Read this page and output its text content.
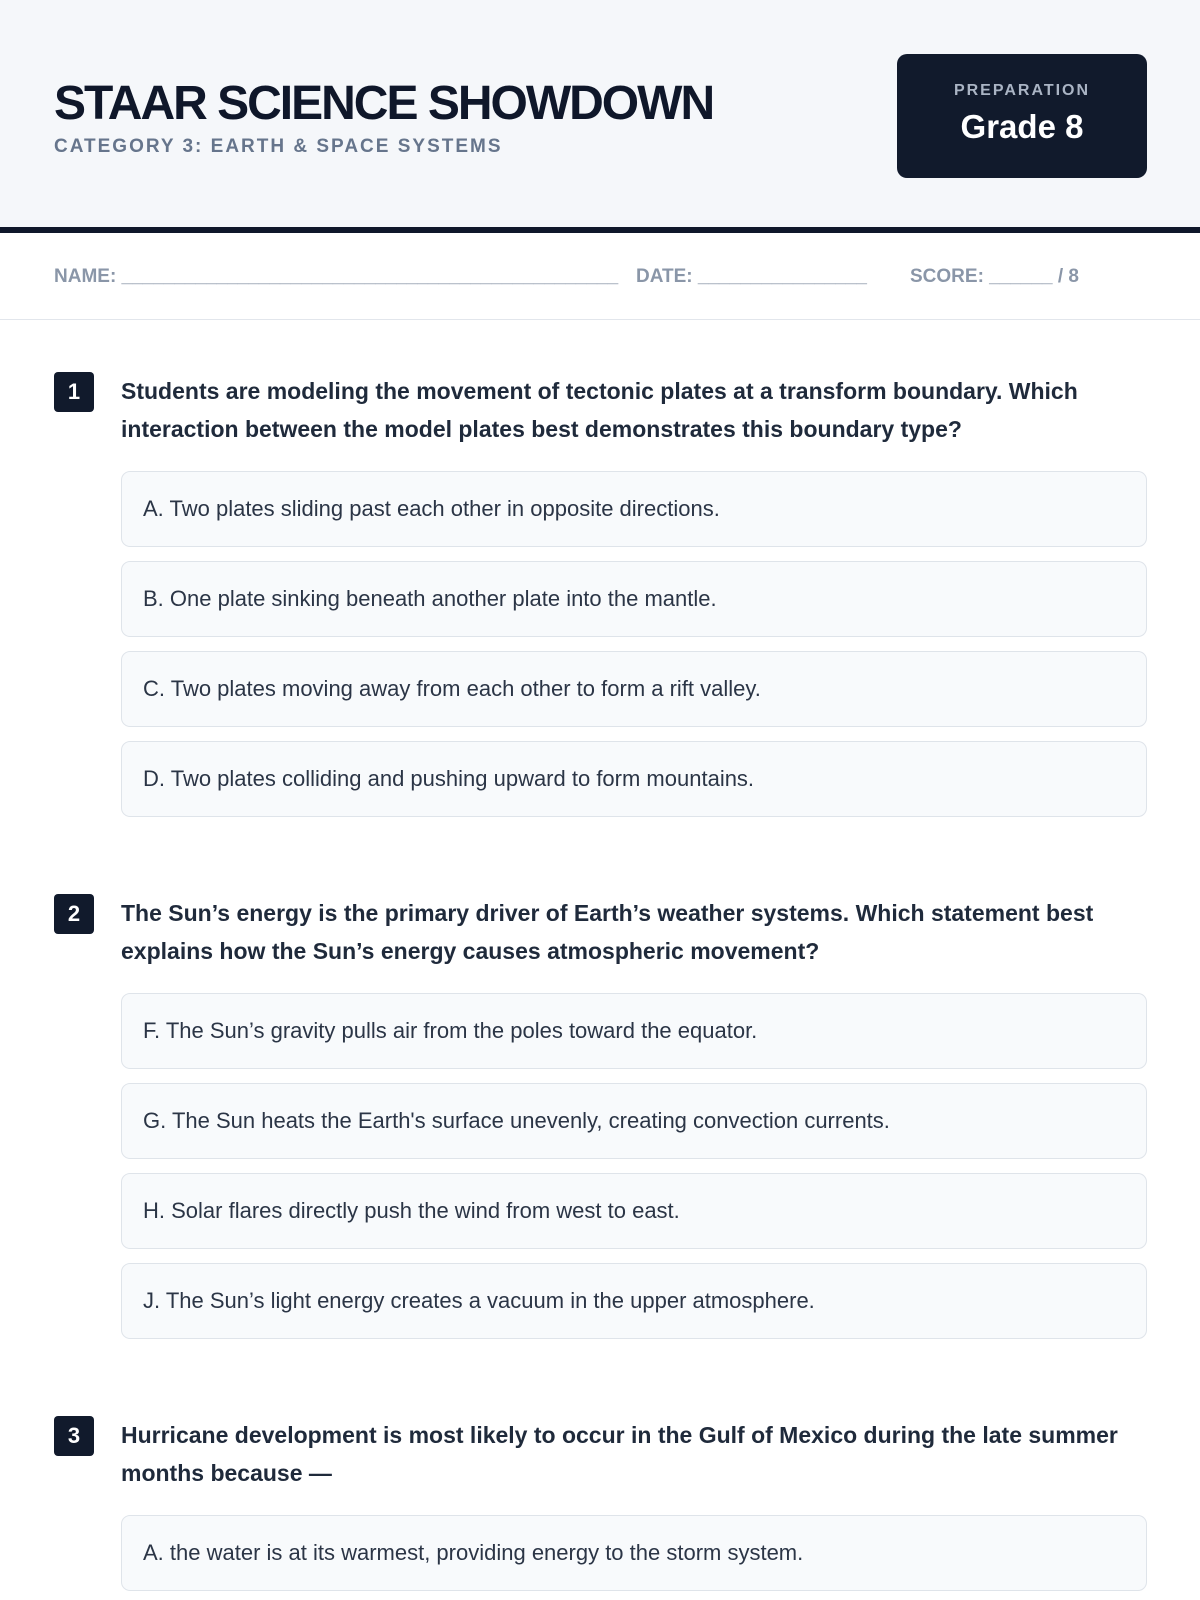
STAAR SCIENCE SHOWDOWN
CATEGORY 3: EARTH & SPACE SYSTEMS
PREPARATION
Grade 8
NAME: _______________________________________________ DATE: ________________ SCORE: ______ / 8
1	Students are modeling the movement of tectonic plates at a transform boundary. Which interaction between the model plates best demonstrates this boundary type?
A. Two plates sliding past each other in opposite directions.
B. One plate sinking beneath another plate into the mantle.
C. Two plates moving away from each other to form a rift valley.
D. Two plates colliding and pushing upward to form mountains.
2	The Sun’s energy is the primary driver of Earth’s weather systems. Which statement best explains how the Sun’s energy causes atmospheric movement?
F. The Sun’s gravity pulls air from the poles toward the equator.
G. The Sun heats the Earth's surface unevenly, creating convection currents.
H. Solar flares directly push the wind from west to east.
J. The Sun’s light energy creates a vacuum in the upper atmosphere.
3	Hurricane development is most likely to occur in the Gulf of Mexico during the late summer months because —
A. the water is at its warmest, providing energy to the storm system.
